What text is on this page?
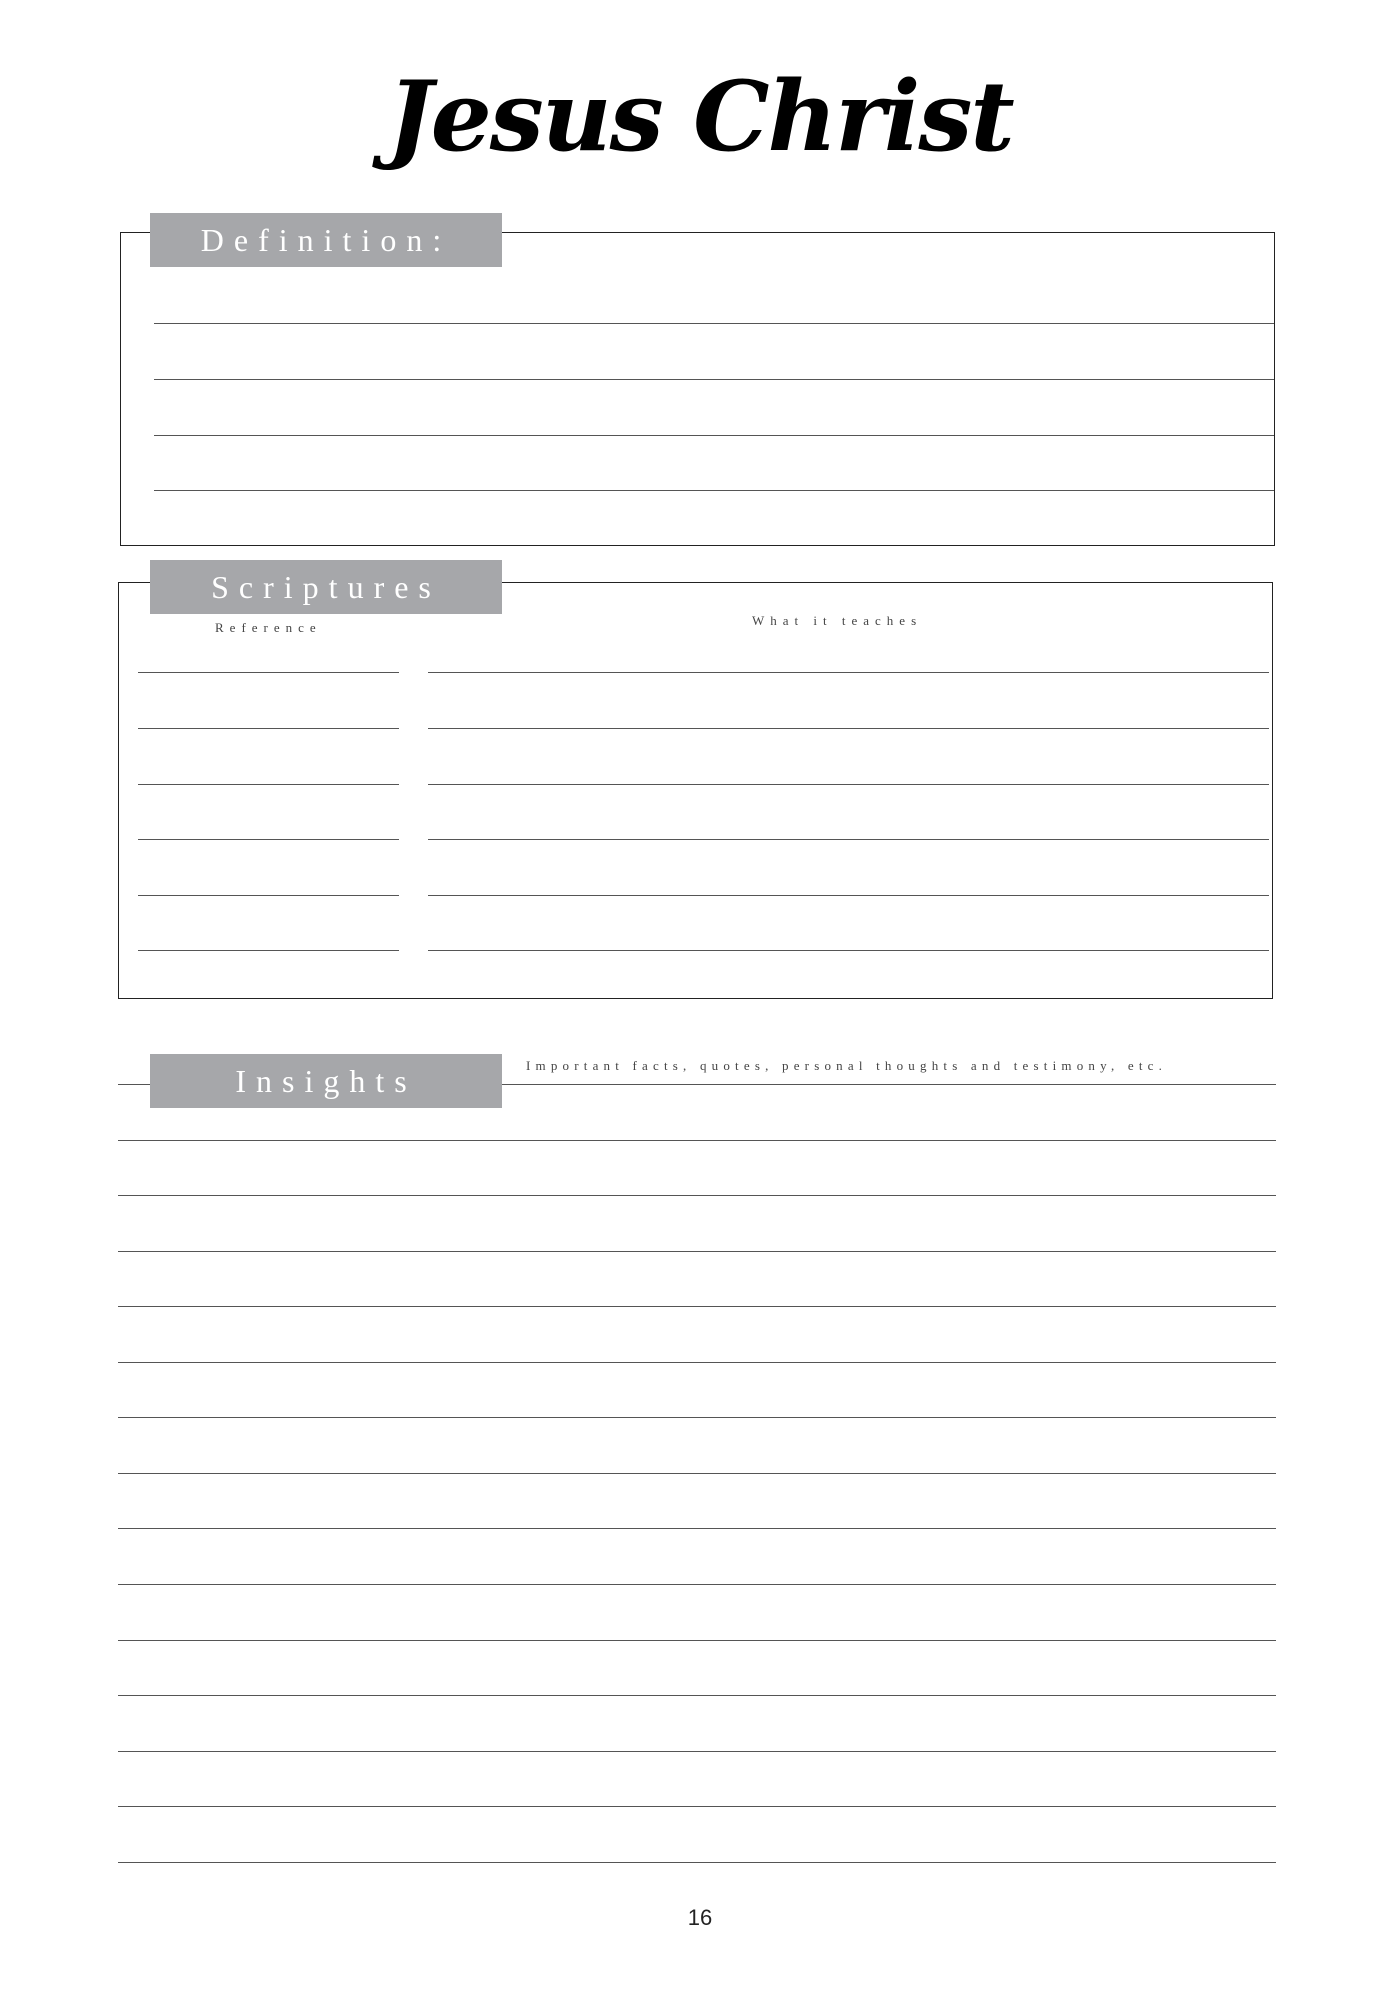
Jesus Christ
Definition:
Scriptures
Reference	What it teaches
Insights	Important facts, quotes, personal thoughts and testimony, etc.
16
